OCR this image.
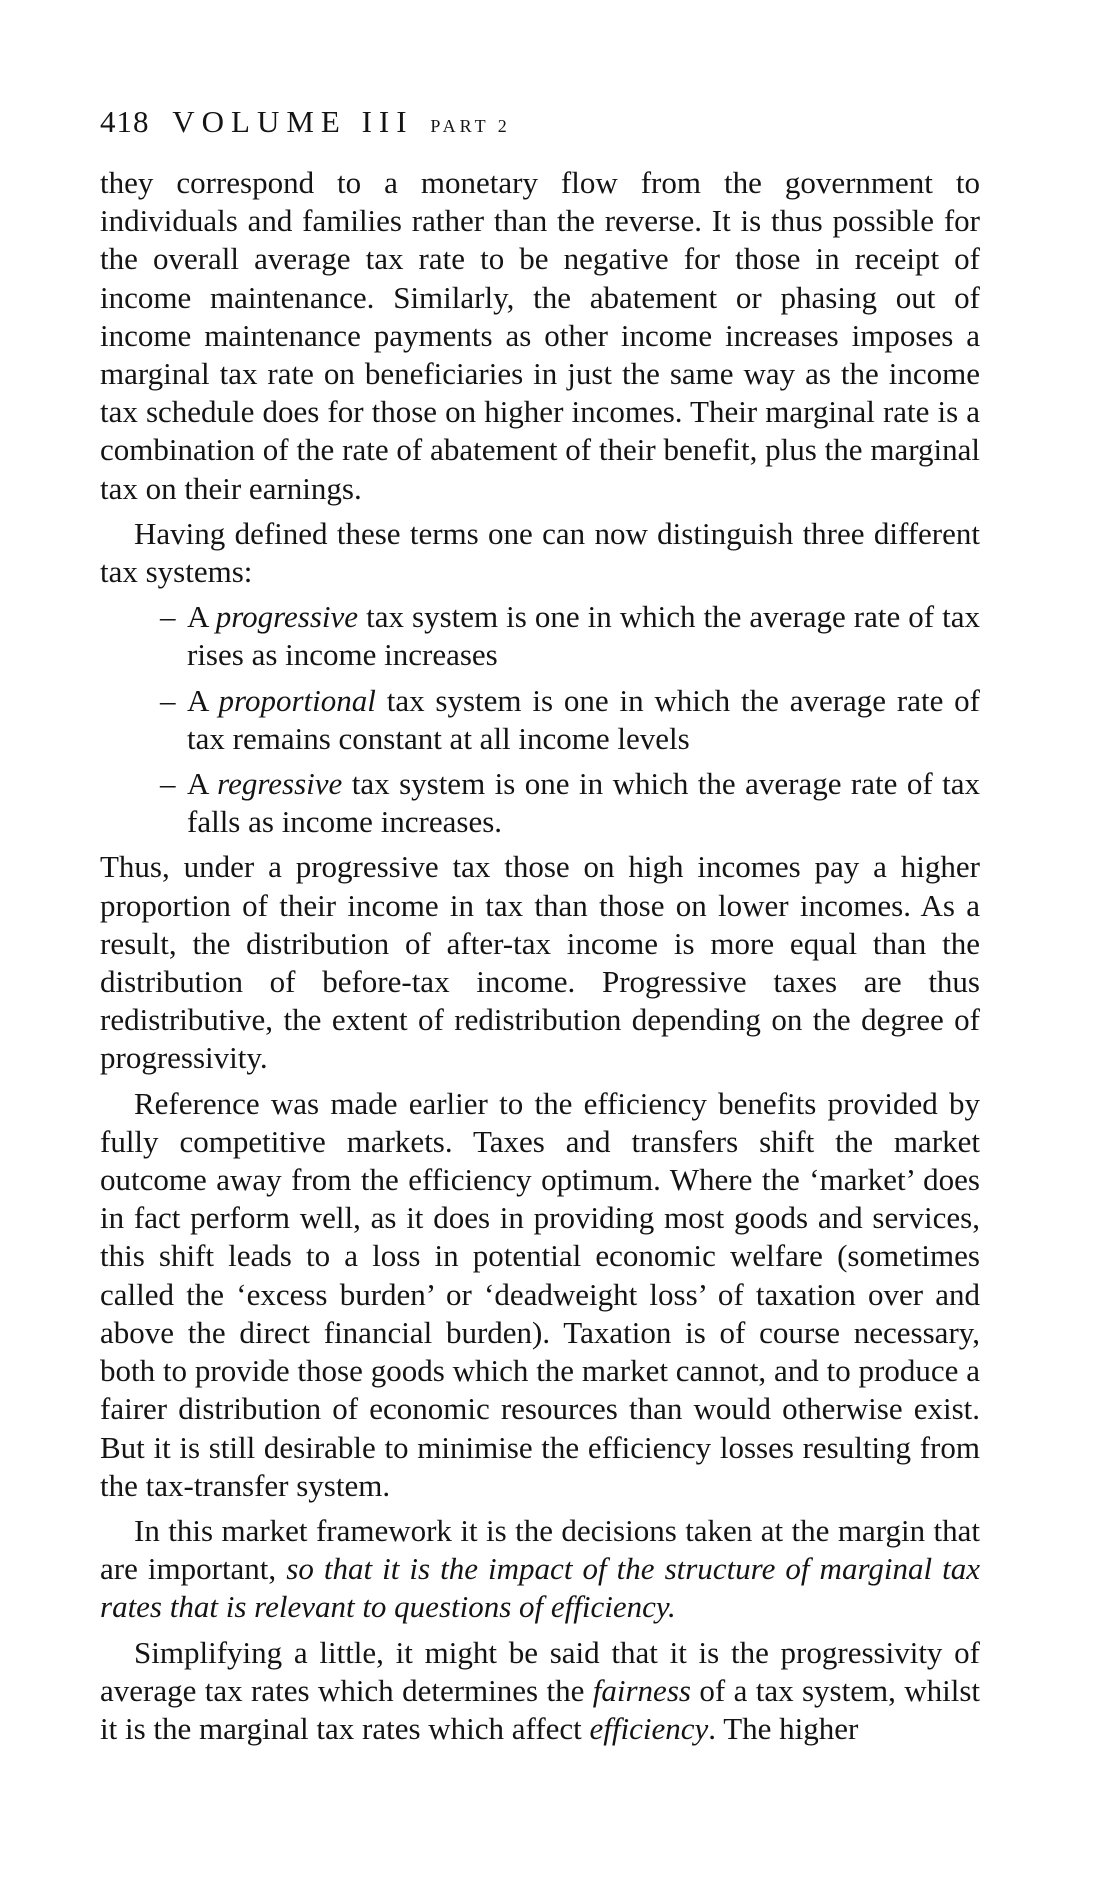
418 VOLUME III PART 2

they correspond to a monetary flow from the government to individuals and families rather than the reverse. It is thus possible for the overall average tax rate to be negative for those in receipt of income maintenance. Similarly, the abatement or phasing out of income maintenance payments as other income increases imposes a marginal tax rate on beneficiaries in just the same way as the income tax schedule does for those on higher incomes. Their marginal rate is a combination of the rate of abatement of their benefit, plus the marginal tax on their earnings.

Having defined these terms one can now distinguish three different tax systems:

– A progressive tax system is one in which the average rate of tax rises as income increases
– A proportional tax system is one in which the average rate of tax remains constant at all income levels
– A regressive tax system is one in which the average rate of tax falls as income increases.

Thus, under a progressive tax those on high incomes pay a higher proportion of their income in tax than those on lower incomes. As a result, the distribution of after-tax income is more equal than the distribution of before-tax income. Progressive taxes are thus redistributive, the extent of redistribution depending on the degree of progressivity.

Reference was made earlier to the efficiency benefits provided by fully competitive markets. Taxes and transfers shift the market outcome away from the efficiency optimum. Where the ‘market’ does in fact perform well, as it does in providing most goods and services, this shift leads to a loss in potential economic welfare (sometimes called the ‘excess burden’ or ‘deadweight loss’ of taxation over and above the direct financial burden). Taxation is of course necessary, both to provide those goods which the market cannot, and to produce a fairer distribution of economic resources than would otherwise exist. But it is still desirable to minimise the efficiency losses resulting from the tax-transfer system.

In this market framework it is the decisions taken at the margin that are important, so that it is the impact of the structure of marginal tax rates that is relevant to questions of efficiency.

Simplifying a little, it might be said that it is the progressivity of average tax rates which determines the fairness of a tax system, whilst it is the marginal tax rates which affect efficiency. The higher
